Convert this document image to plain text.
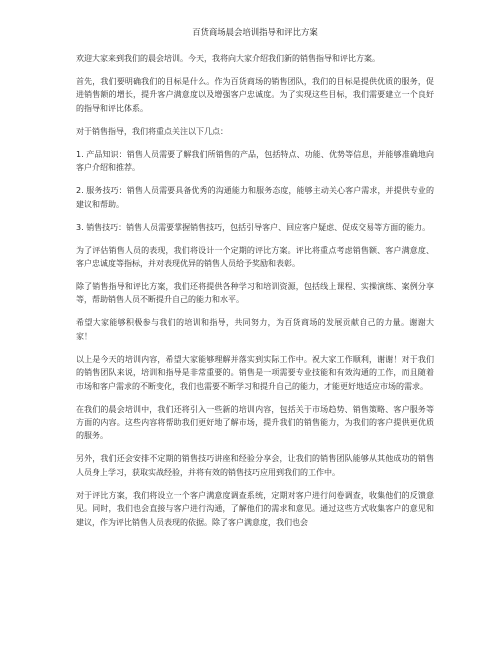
百货商场晨会培训指导和评比方案

欢迎大家来到我们的晨会培训。今天，我将向大家介绍我们新的销售指导和评比方案。

首先，我们要明确我们的目标是什么。作为百货商场的销售团队，我们的目标是提供优质的服务，促进销售额的增长，提升客户满意度以及增强客户忠诚度。为了实现这些目标，我们需要建立一个良好的指导和评比体系。

对于销售指导，我们将重点关注以下几点：

1. 产品知识：销售人员需要了解我们所销售的产品，包括特点、功能、优势等信息，并能够准确地向客户介绍和推荐。

2. 服务技巧：销售人员需要具备优秀的沟通能力和服务态度，能够主动关心客户需求，并提供专业的建议和帮助。

3. 销售技巧：销售人员需要掌握销售技巧，包括引导客户、回应客户疑虑、促成交易等方面的能力。

为了评估销售人员的表现，我们将设计一个定期的评比方案。评比将重点考虑销售额、客户满意度、客户忠诚度等指标，并对表现优异的销售人员给予奖励和表彰。

除了销售指导和评比方案，我们还将提供各种学习和培训资源，包括线上课程、实操演练、案例分享等，帮助销售人员不断提升自己的能力和水平。

希望大家能够积极参与我们的培训和指导，共同努力，为百货商场的发展贡献自己的力量。谢谢大家！

以上是今天的培训内容，希望大家能够理解并落实到实际工作中。祝大家工作顺利，谢谢！对于我们的销售团队来说，培训和指导是非常重要的。销售是一项需要专业技能和有效沟通的工作，而且随着市场和客户需求的不断变化，我们也需要不断学习和提升自己的能力，才能更好地适应市场的需求。

在我们的晨会培训中，我们还将引入一些新的培训内容，包括关于市场趋势、销售策略、客户服务等方面的内容。这些内容将帮助我们更好地了解市场，提升我们的销售能力，为我们的客户提供更优质的服务。

另外，我们还会安排不定期的销售技巧讲座和经验分享会，让我们的销售团队能够从其他成功的销售人员身上学习，获取实战经验，并将有效的销售技巧应用到我们的工作中。

对于评比方案，我们将设立一个客户满意度调查系统，定期对客户进行问卷调查，收集他们的反馈意见。同时，我们也会直接与客户进行沟通，了解他们的需求和意见。通过这些方式收集客户的意见和建议，作为评比销售人员表现的依据。除了客户满意度，我们也会
